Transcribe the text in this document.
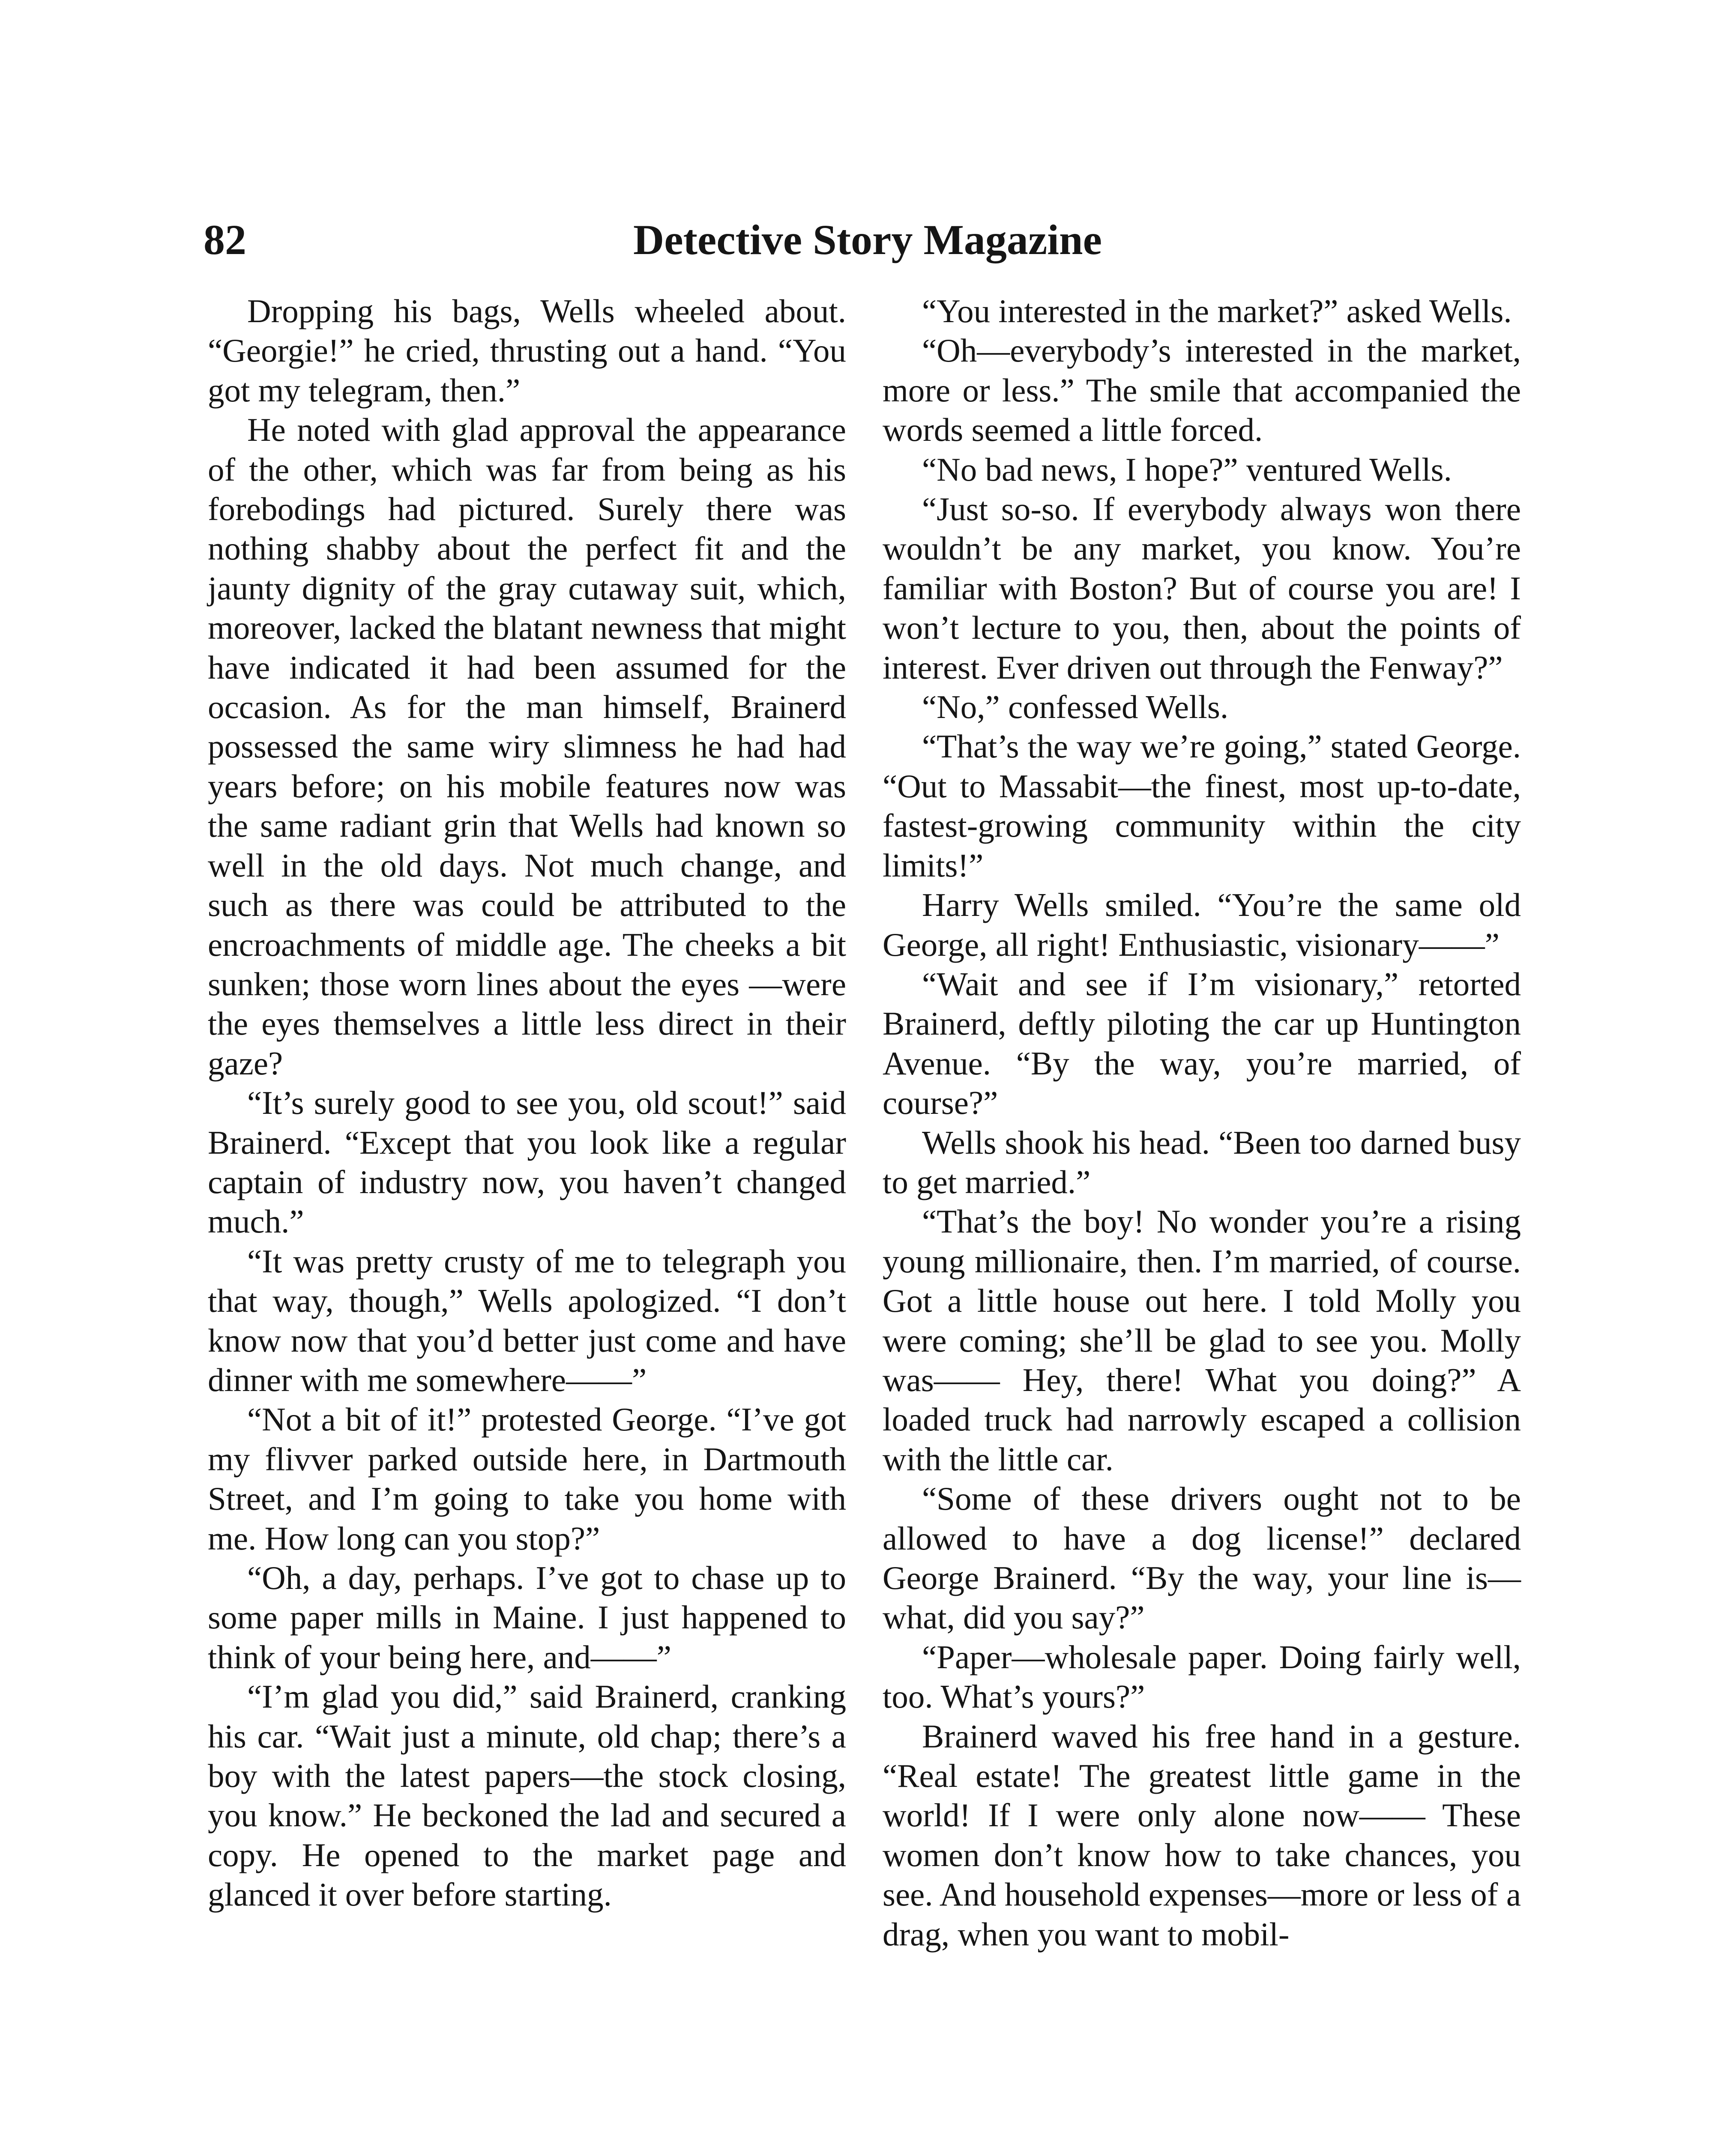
82	Detective Story Magazine

Dropping his bags, Wells wheeled about. “Georgie!” he cried, thrusting out a hand. “You got my telegram, then.”

He noted with glad approval the appearance of the other, which was far from being as his forebodings had pictured. Surely there was nothing shabby about the perfect fit and the jaunty dignity of the gray cutaway suit, which, moreover, lacked the blatant newness that might have indicated it had been assumed for the occasion. As for the man himself, Brainerd possessed the same wiry slimness he had had years before; on his mobile features now was the same radiant grin that Wells had known so well in the old days. Not much change, and such as there was could be attributed to the encroachments of middle age. The cheeks a bit sunken; those worn lines about the eyes —were the eyes themselves a little less direct in their gaze?

“It’s surely good to see you, old scout!” said Brainerd. “Except that you look like a regular captain of industry now, you haven’t changed much.”

“It was pretty crusty of me to telegraph you that way, though,” Wells apologized. “I don’t know now that you’d better just come and have dinner with me somewhere——”

“Not a bit of it!” protested George. “I’ve got my flivver parked outside here, in Dartmouth Street, and I’m going to take you home with me. How long can you stop?”

“Oh, a day, perhaps. I’ve got to chase up to some paper mills in Maine. I just happened to think of your being here, and——”

“I’m glad you did,” said Brainerd, cranking his car. “Wait just a minute, old chap; there’s a boy with the latest papers—the stock closing, you know.” He beckoned the lad and secured a copy. He opened to the market page and glanced it over before starting.

“You interested in the market?” asked Wells.

“Oh—everybody’s interested in the market, more or less.” The smile that accompanied the words seemed a little forced.

“No bad news, I hope?” ventured Wells.

“Just so-so. If everybody always won there wouldn’t be any market, you know. You’re familiar with Boston? But of course you are! I won’t lecture to you, then, about the points of interest. Ever driven out through the Fenway?”

“No,” confessed Wells.

“That’s the way we’re going,” stated George. “Out to Massabit—the finest, most up-to-date, fastest-growing community within the city limits!”

Harry Wells smiled. “You’re the same old George, all right! Enthusiastic, visionary——”

“Wait and see if I’m visionary,” retorted Brainerd, deftly piloting the car up Huntington Avenue. “By the way, you’re married, of course?”

Wells shook his head. “Been too darned busy to get married.”

“That’s the boy! No wonder you’re a rising young millionaire, then. I’m married, of course. Got a little house out here. I told Molly you were coming; she’ll be glad to see you. Molly was—— Hey, there! What you doing?” A loaded truck had narrowly escaped a collision with the little car.

“Some of these drivers ought not to be allowed to have a dog license!” declared George Brainerd. “By the way, your line is—what, did you say?”

“Paper—wholesale paper. Doing fairly well, too. What’s yours?”

Brainerd waved his free hand in a gesture. “Real estate! The greatest little game in the world! If I were only alone now—— These women don’t know how to take chances, you see. And household expenses—more or less of a drag, when you want to mobil-
